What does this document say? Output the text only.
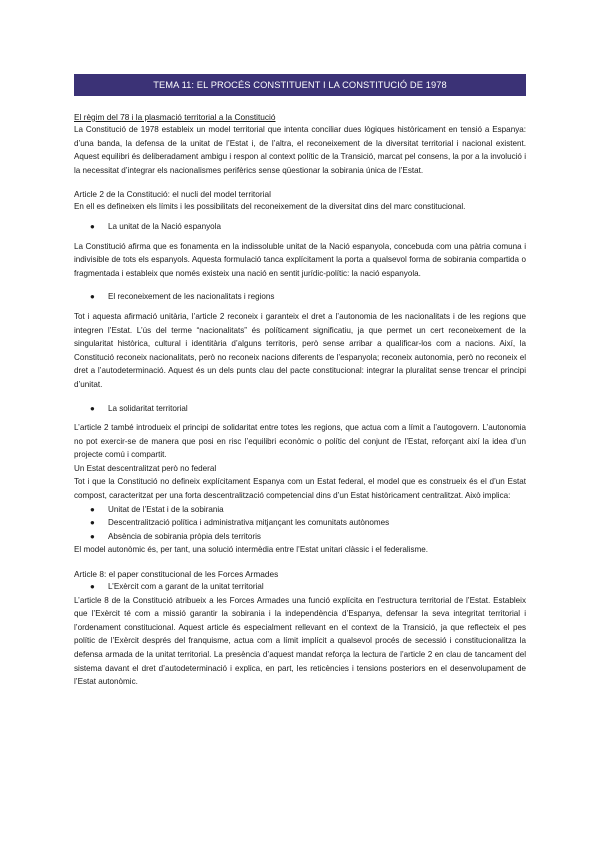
TEMA 11: EL PROCÉS CONSTITUENT I LA CONSTITUCIÓ DE 1978

El règim del 78 i la plasmació territorial a la Constitució

La Constitució de 1978 estableix un model territorial que intenta conciliar dues lògiques històricament en tensió a Espanya: d’una banda, la defensa de la unitat de l’Estat i, de l’altra, el reconeixement de la diversitat territorial i nacional existent. Aquest equilibri és deliberadament ambigu i respon al context polític de la Transició, marcat pel consens, la por a la involució i la necessitat d’integrar els nacionalismes perifèrics sense qüestionar la sobirania única de l’Estat.

Article 2 de la Constitució: el nucli del model territorial

En ell es defineixen els límits i les possibilitats del reconeixement de la diversitat dins del marc constitucional.

● La unitat de la Nació espanyola

La Constitució afirma que es fonamenta en la indissoluble unitat de la Nació espanyola, concebuda com una pàtria comuna i indivisible de tots els espanyols. Aquesta formulació tanca explícitament la porta a qualsevol forma de sobirania compartida o fragmentada i estableix que només existeix una nació en sentit jurídic-polític: la nació espanyola.

● El reconeixement de les nacionalitats i regions

Tot i aquesta afirmació unitària, l’article 2 reconeix i garanteix el dret a l’autonomia de les nacionalitats i de les regions que integren l’Estat. L’ús del terme “nacionalitats” és políticament significatiu, ja que permet un cert reconeixement de la singularitat històrica, cultural i identitària d’alguns territoris, però sense arribar a qualificar-los com a nacions. Així, la Constitució reconeix nacionalitats, però no reconeix nacions diferents de l’espanyola; reconeix autonomia, però no reconeix el dret a l’autodeterminació. Aquest és un dels punts clau del pacte constitucional: integrar la pluralitat sense trencar el principi d’unitat.

● La solidaritat territorial

L’article 2 també introdueix el principi de solidaritat entre totes les regions, que actua com a límit a l’autogovern. L’autonomia no pot exercir-se de manera que posi en risc l’equilibri econòmic o polític del conjunt de l’Estat, reforçant així la idea d’un projecte comú i compartit.

Un Estat descentralitzat però no federal

Tot i que la Constitució no defineix explícitament Espanya com un Estat federal, el model que es construeix és el d’un Estat compost, caracteritzat per una forta descentralització competencial dins d’un Estat històricament centralitzat. Això implica:

● Unitat de l’Estat i de la sobirania

● Descentralització política i administrativa mitjançant les comunitats autònomes

● Absència de sobirania pròpia dels territoris

El model autonòmic és, per tant, una solució intermèdia entre l’Estat unitari clàssic i el federalisme.

Article 8: el paper constitucional de les Forces Armades

● L’Exèrcit com a garant de la unitat territorial

L’article 8 de la Constitució atribueix a les Forces Armades una funció explícita en l’estructura territorial de l’Estat. Estableix que l’Exèrcit té com a missió garantir la sobirania i la independència d’Espanya, defensar la seva integritat territorial i l’ordenament constitucional. Aquest article és especialment rellevant en el context de la Transició, ja que reflecteix el pes polític de l’Exèrcit després del franquisme, actua com a límit implícit a qualsevol procés de secessió i constitucionalitza la defensa armada de la unitat territorial. La presència d’aquest mandat reforça la lectura de l’article 2 en clau de tancament del sistema davant el dret d’autodeterminació i explica, en part, les reticències i tensions posteriors en el desenvolupament de l’Estat autonòmic.
